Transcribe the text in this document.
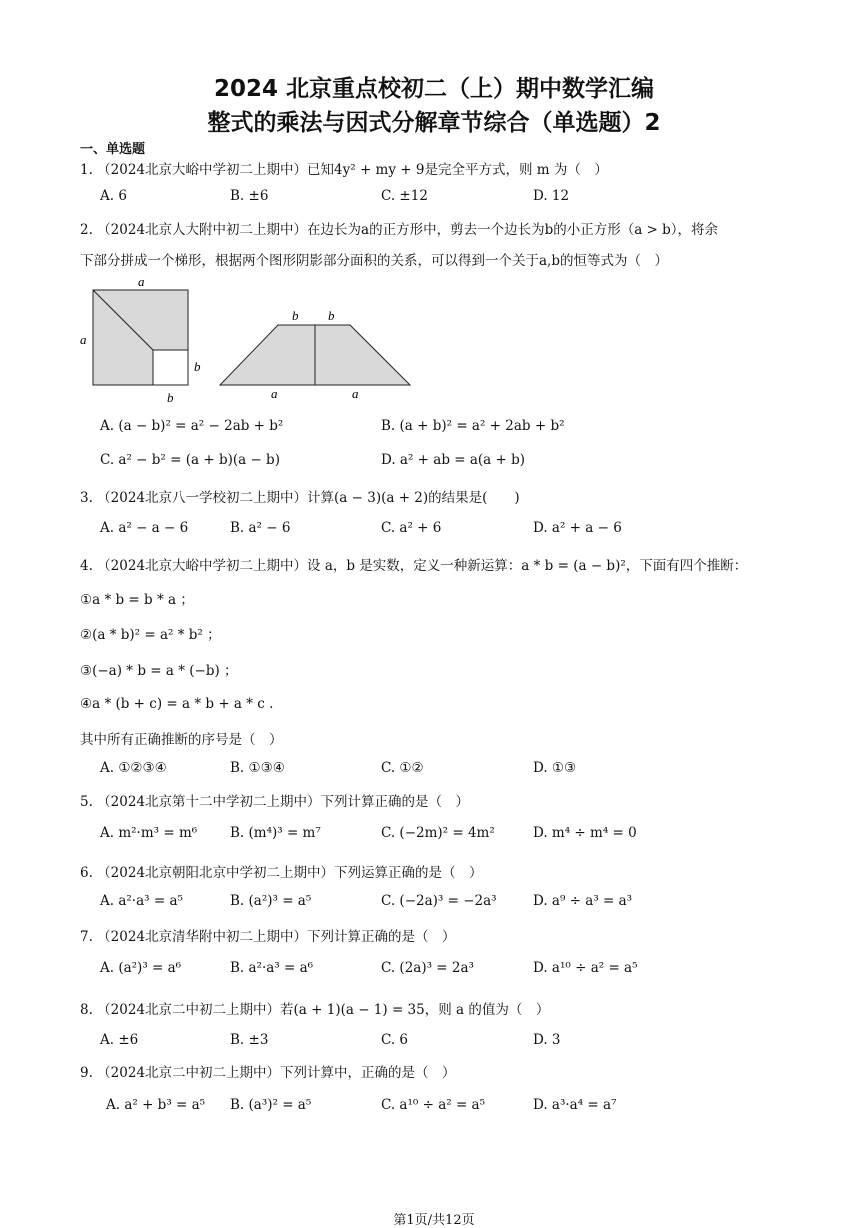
2024 北京重点校初二（上）期中数学汇编
整式的乘法与因式分解章节综合（单选题）2
一、单选题
1. （2024北京大峪中学初二上期中）已知4y² + my + 9是完全平方式，则 m 为（　）
A. 6	B. ±6	C. ±12	D. 12
2. （2024北京人大附中初二上期中）在边长为a的正方形中，剪去一个边长为b的小正方形（a > b），将余
下部分拼成一个梯形，根据两个图形阴影部分面积的关系，可以得到一个关于a,b的恒等式为（　）
a
a
b
b
b b
a	a
A. (a − b)² = a² − 2ab + b²	B. (a + b)² = a² + 2ab + b²
C. a² − b² = (a + b)(a − b)	D. a² + ab = a(a + b)
3. （2024北京八一学校初二上期中）计算(a − 3)(a + 2)的结果是(　　)
A. a² − a − 6	B. a² − 6	C. a² + 6	D. a² + a − 6
4. （2024北京大峪中学初二上期中）设 a，b 是实数，定义一种新运算：a * b = (a − b)²，下面有四个推断：
①a * b = b * a ；
②(a * b)² = a² * b² ；
③(−a) * b = a * (−b) ；
④a * (b + c) = a * b + a * c .
其中所有正确推断的序号是（　）
A. ①②③④	B. ①③④	C. ①②	D. ①③
5. （2024北京第十二中学初二上期中）下列计算正确的是（　）
A. m²·m³ = m⁶ B. (m⁴)³ = m⁷	C. (−2m)² = 4m²	D. m⁴ ÷ m⁴ = 0
6. （2024北京朝阳北京中学初二上期中）下列运算正确的是（　）
A. a²·a³ = a⁵	B. (a²)³ = a⁵	C. (−2a)³ = −2a³	D. a⁹ ÷ a³ = a³
7. （2024北京清华附中初二上期中）下列计算正确的是（　）
A. (a²)³ = a⁶	B. a²·a³ = a⁶	C. (2a)³ = 2a³	D. a¹⁰ ÷ a² = a⁵
8. （2024北京二中初二上期中）若(a + 1)(a − 1) = 35，则 a 的值为（　）
A. ±6	B. ±3	C. 6	D. 3
9. （2024北京二中初二上期中）下列计算中，正确的是（　）
A. a² + b³ = a⁵ B. (a³)² = a⁵	C. a¹⁰ ÷ a² = a⁵	D. a³·a⁴ = a⁷
第1页/共12页
